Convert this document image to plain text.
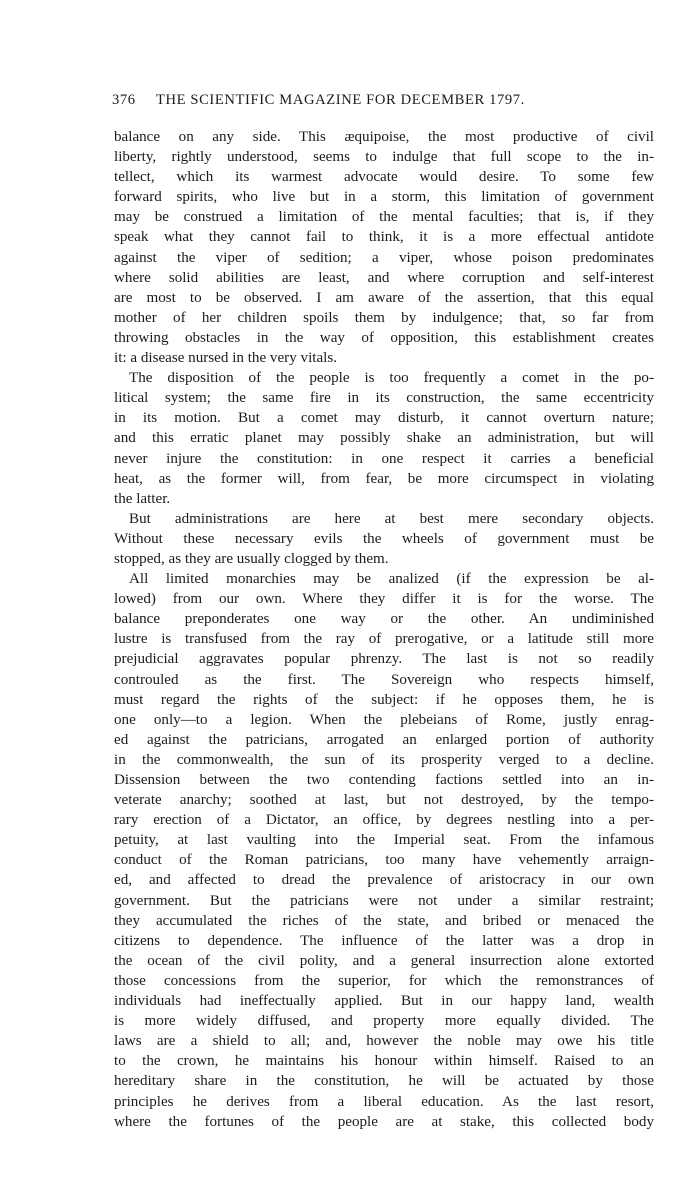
376 THE SCIENTIFIC MAGAZINE FOR DECEMBER 1797.
balance on any side. This æquipoise, the most productive of civil
liberty, rightly understood, seems to indulge that full scope to the in-
tellect, which its warmest advocate would desire. To some few
forward spirits, who live but in a storm, this limitation of government
may be construed a limitation of the mental faculties; that is, if they
speak what they cannot fail to think, it is a more effectual antidote
against the viper of sedition; a viper, whose poison predominates
where solid abilities are least, and where corruption and self-interest
are most to be observed. I am aware of the assertion, that this equal
mother of her children spoils them by indulgence; that, so far from
throwing obstacles in the way of opposition, this establishment creates
it: a disease nursed in the very vitals.
The disposition of the people is too frequently a comet in the po-
litical system; the same fire in its construction, the same eccentricity
in its motion. But a comet may disturb, it cannot overturn nature;
and this erratic planet may possibly shake an administration, but will
never injure the constitution: in one respect it carries a beneficial
heat, as the former will, from fear, be more circumspect in violating
the latter.
But administrations are here at best mere secondary objects.
Without these necessary evils the wheels of government must be
stopped, as they are usually clogged by them.
All limited monarchies may be analized (if the expression be al-
lowed) from our own. Where they differ it is for the worse. The
balance preponderates one way or the other. An undiminished
lustre is transfused from the ray of prerogative, or a latitude still more
prejudicial aggravates popular phrenzy. The last is not so readily
controuled as the first. The Sovereign who respects himself,
must regard the rights of the subject: if he opposes them, he is
one only—to a legion. When the plebeians of Rome, justly enrag-
ed against the patricians, arrogated an enlarged portion of authority
in the commonwealth, the sun of its prosperity verged to a decline.
Dissension between the two contending factions settled into an in-
veterate anarchy; soothed at last, but not destroyed, by the tempo-
rary erection of a Dictator, an office, by degrees nestling into a per-
petuity, at last vaulting into the Imperial seat. From the infamous
conduct of the Roman patricians, too many have vehemently arraign-
ed, and affected to dread the prevalence of aristocracy in our own
government. But the patricians were not under a similar restraint;
they accumulated the riches of the state, and bribed or menaced the
citizens to dependence. The influence of the latter was a drop in
the ocean of the civil polity, and a general insurrection alone extorted
those concessions from the superior, for which the remonstrances of
individuals had ineffectually applied. But in our happy land, wealth
is more widely diffused, and property more equally divided. The
laws are a shield to all; and, however the noble may owe his title
to the crown, he maintains his honour within himself. Raised to an
hereditary share in the constitution, he will be actuated by those
principles he derives from a liberal education. As the last resort,
where the fortunes of the people are at stake, this collected body
